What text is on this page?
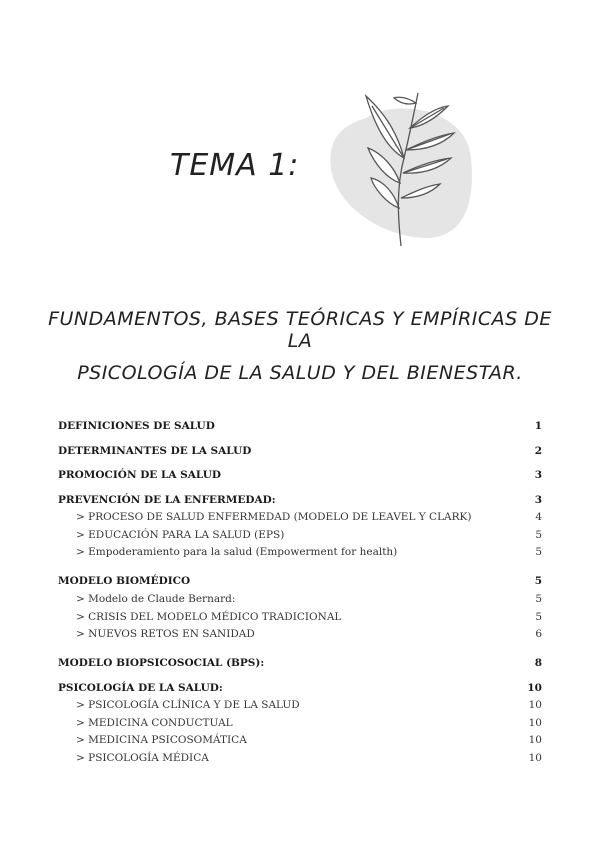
TEMA 1:
FUNDAMENTOS, BASES TEÓRICAS Y EMPÍRICAS DE LA
PSICOLOGÍA DE LA SALUD Y DEL BIENESTAR.
DEFINICIONES DE SALUD	1
DETERMINANTES DE LA SALUD	2
PROMOCIÓN DE LA SALUD	3
PREVENCIÓN DE LA ENFERMEDAD:	3
> PROCESO DE SALUD ENFERMEDAD (MODELO DE LEAVEL Y CLARK)	4
> EDUCACIÓN PARA LA SALUD (EPS)	5
> Empoderamiento para la salud (Empowerment for health)	5
MODELO BIOMÉDICO	5
> Modelo de Claude Bernard:	5
> CRISIS DEL MODELO MÉDICO TRADICIONAL	5
> NUEVOS RETOS EN SANIDAD	6
MODELO BIOPSICOSOCIAL (BPS):	8
PSICOLOGÍA DE LA SALUD:	10
> PSICOLOGÍA CLÍNICA Y DE LA SALUD	10
> MEDICINA CONDUCTUAL	10
> MEDICINA PSICOSOMÁTICA	10
> PSICOLOGÍA MÉDICA	10
